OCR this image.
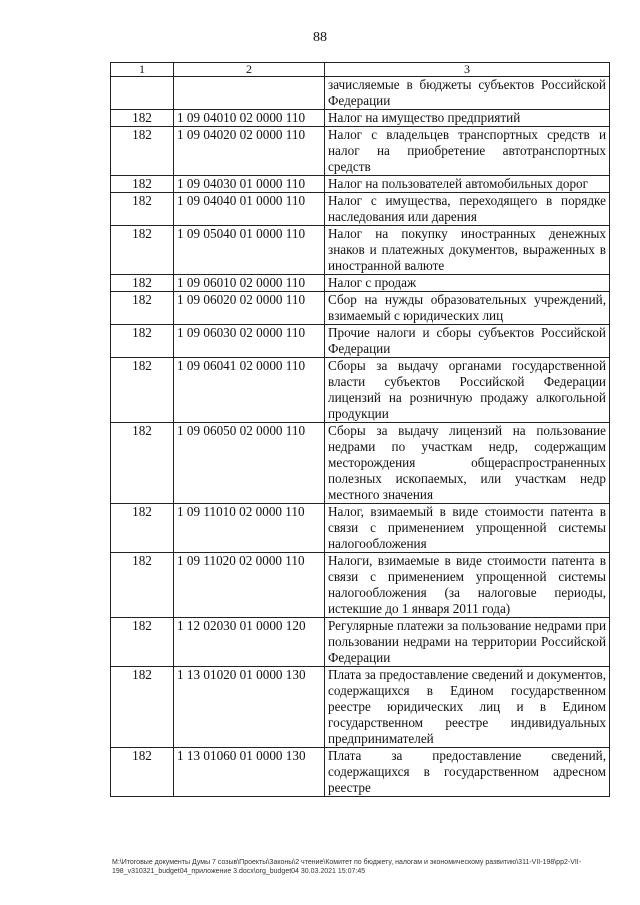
88
1	2	3
		зачисляемые в бюджеты субъектов Российской Федерации
182	1 09 04010 02 0000 110	Налог на имущество предприятий
182	1 09 04020 02 0000 110	Налог с владельцев транспортных средств и налог на приобретение автотранспортных средств
182	1 09 04030 01 0000 110	Налог на пользователей автомобильных дорог
182	1 09 04040 01 0000 110	Налог с имущества, переходящего в порядке наследования или дарения
182	1 09 05040 01 0000 110	Налог на покупку иностранных денежных знаков и платежных документов, выраженных в иностранной валюте
182	1 09 06010 02 0000 110	Налог с продаж
182	1 09 06020 02 0000 110	Сбор на нужды образовательных учреждений, взимаемый с юридических лиц
182	1 09 06030 02 0000 110	Прочие налоги и сборы субъектов Российской Федерации
182	1 09 06041 02 0000 110	Сборы за выдачу органами государственной власти субъектов Российской Федерации лицензий на розничную продажу алкогольной продукции
182	1 09 06050 02 0000 110	Сборы за выдачу лицензий на пользование недрами по участкам недр, содержащим месторождения общераспространенных полезных ископаемых, или участкам недр местного значения
182	1 09 11010 02 0000 110	Налог, взимаемый в виде стоимости патента в связи с применением упрощенной системы налогообложения
182	1 09 11020 02 0000 110	Налоги, взимаемые в виде стоимости патента в связи с применением упрощенной системы налогообложения (за налоговые периоды, истекшие до 1 января 2011 года)
182	1 12 02030 01 0000 120	Регулярные платежи за пользование недрами при пользовании недрами на территории Российской Федерации
182	1 13 01020 01 0000 130	Плата за предоставление сведений и документов, содержащихся в Едином государственном реестре юридических лиц и в Едином государственном реестре индивидуальных предпринимателей
182	1 13 01060 01 0000 130	Плата за предоставление сведений, содержащихся в государственном адресном реестре
M:\Итоговые документы Думы 7 созыв\Проекты\Законы\2 чтение\Комитет по бюджету, налогам и экономическому развитию\311-VII-198\pp2-VII-198_v310321_budget04_приложение 3.docx\org_budget04 30.03.2021 15:07:45
